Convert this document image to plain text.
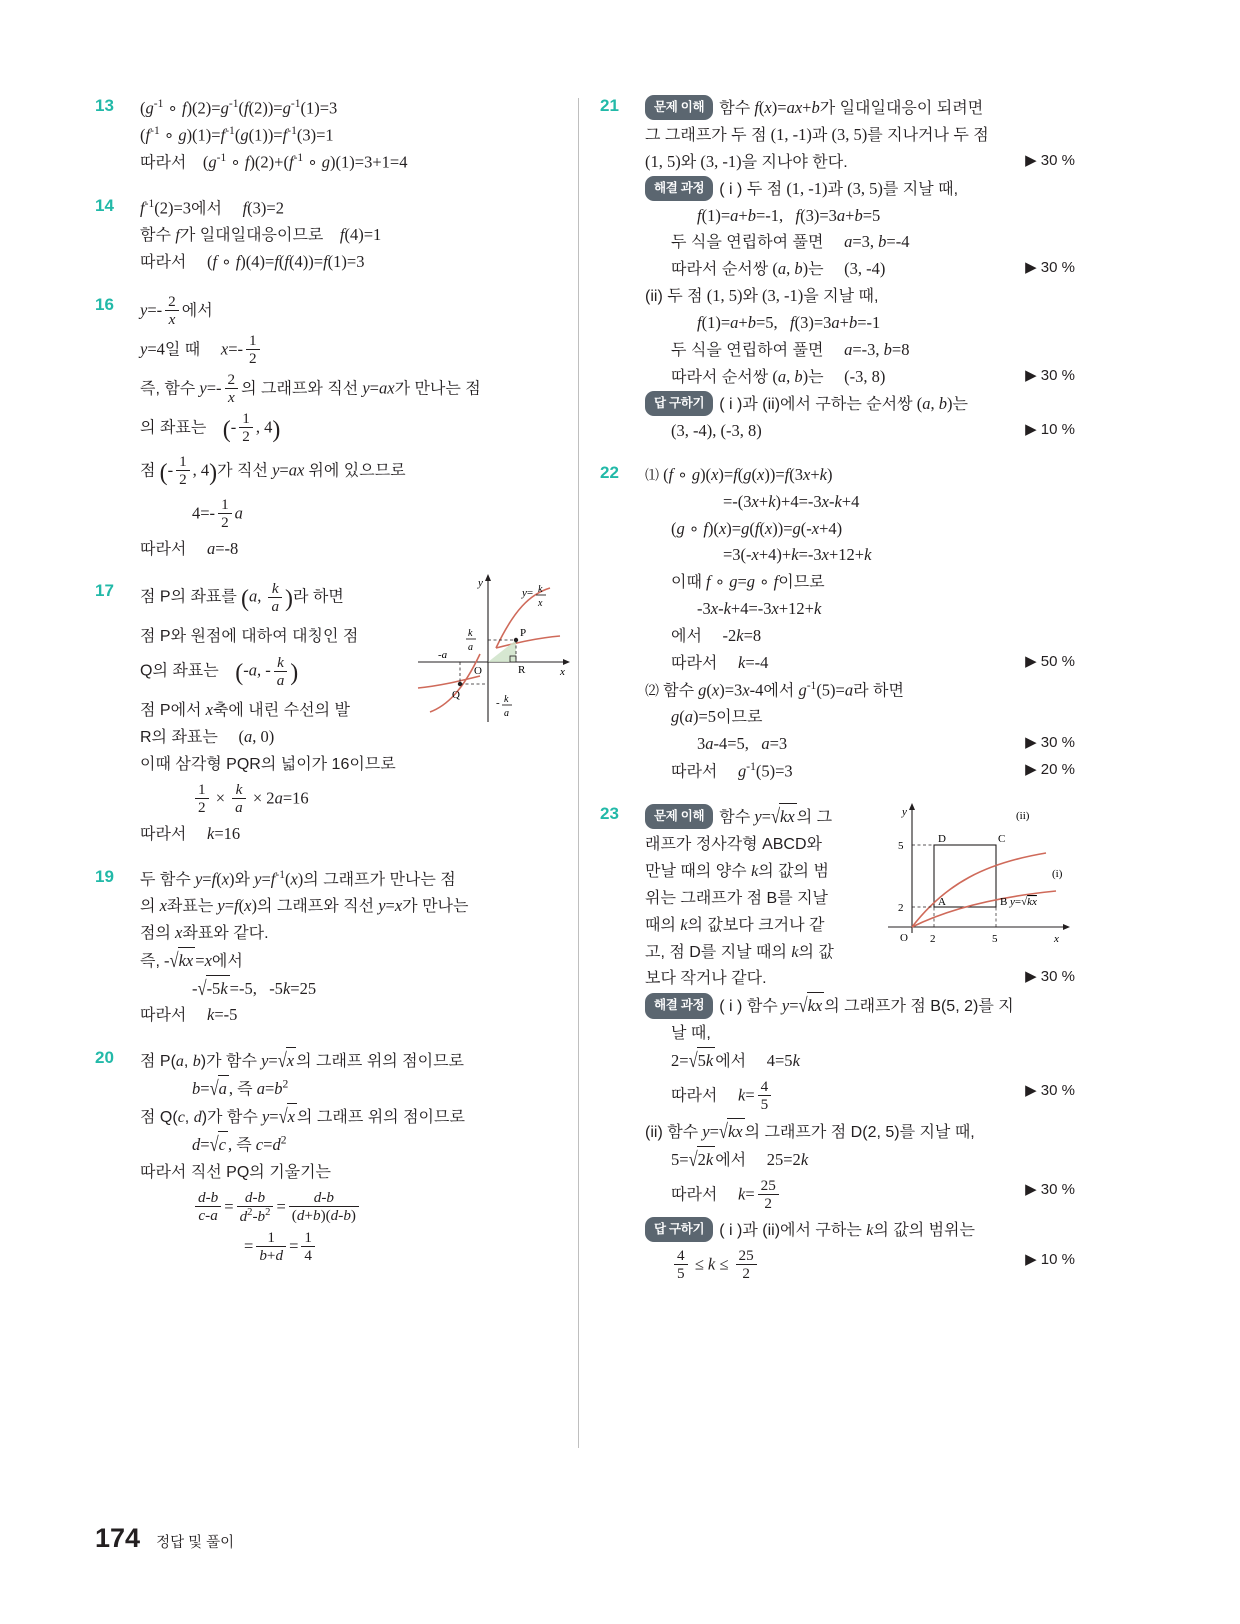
13	($g^{-1}$ ∘ $f)(2)=g^{-1}(f(2))=g^{-1}(1)=3$
($f^{-1}$ ∘ $g)(1)=f^{-1}(g(1))=f^{-1}(3)=1$
따라서    ($g^{-1}$ ∘ $f)(2)+(f^{-1}$ ∘ g)(1)=3+1=4
14	$f^{-1}(2)=3$에서 f(3)=2
함수 f가 일대일대응이므로 f(4)=1
따라서     (f ∘ f)(4)=f(f(4))=f(1)=3
16	$y=- \frac{2}{x}$ 에서
y=4일 때 $x=- \frac{1}{2}$
즉, 함수 $y=- \frac{2}{x}$ 의 그래프와 직선 y=ax가 만나는 점
의 좌표는 (- $\frac{1}{2}$ , 4)
점 (- $\frac{1}{2}$ , 4)가 직선 y=ax 위에 있으므로
$4=- \frac{1}{2}$ a
따라서 a=-8
17	y
x
O
P
Q
R
y= k
x
k
a
-a
- k
a
점 P의 좌표를 (a, $\frac{k}{a}$ )라 하면
점 P와 원점에 대하여 대칭인 점
Q의 좌표는 (-a, - $\frac{k}{a}$ )
점 P에서 x축에 내린 수선의 발
R의 좌표는     (a, 0)
이때 삼각형 PQR의 넓이가 16이므로
$\frac{1}{2} \times \frac{k}{a} \times 2a=16$
따라서 k=16
19	두 함수 y=f(x)와 $y=f^{-1}(x)$의 그래프가 만나는 점
의 x좌표는 y=f(x)의 그래프와 직선 y=x가 만나는
점의 x좌표와 같다.
즉, -√kx =x에서
-√-5k =-5,   -5k=25
따라서 k=-5
20	점 P(a, b)가 함수 y=√x 의 그래프 위의 점이므로
b=√a , 즉 $a=b^2$
점 Q(c, d)가 함수 y=√x 의 그래프 위의 점이므로
d=√c , 즉 $c=d^2$
따라서 직선 PQ의 기울기는
$\frac{d-b}{c-a} = \frac{d-b}{d^2-b^2} = \frac{d-b}{(d+b)(d-b)}$
= $\frac{1}{b+d} = \frac{1}{4}$
21	문제 이해 함수 f(x)=ax+b가 일대일대응이 되려면
그 그래프가 두 점 (1, -1)과 (3, 5)를 지나거나 두 점
(1, 5)와 (3, -1)을 지나야 한다.	▶ 30 %
해결 과정 ( i ) 두 점 (1, -1)과 (3, 5)를 지날 때,
f(1)=a+b=-1,   f(3)=3a+b=5
두 식을 연립하여 풀면 a=3, b=-4
따라서 순서쌍 (a, b)는     (3, -4)	▶ 30 %
(ii) 두 점 (1, 5)와 (3, -1)을 지날 때,
f(1)=a+b=5,   f(3)=3a+b=-1
두 식을 연립하여 풀면 a=-3, b=8
따라서 순서쌍 (a, b)는     (-3, 8)	▶ 30 %
답 구하기 ( i )과 (ii)에서 구하는 순서쌍 (a, b)는
(3, -4), (-3, 8)	▶ 10 %
22	⑴ (f ∘ g)(x)=f(g(x))=f(3x+k)
=-(3x+k)+4=-3x-k+4
(g ∘ f)(x)=g(f(x))=g(-x+4)
=3(-x+4)+k=-3x+12+k
이때 f ∘ g=g ∘ f이므로
-3x-k+4=-3x+12+k
에서     -2k=8
따라서 k=-4	▶ 50 %
⑵ 함수 g(x)=3x-4에서 $g^{-1}(5)=a$라 하면
g(a)=5이므로
3a-4=5,   a=3	▶ 30 %
따라서 $g^{-1}(5)=3$	▶ 20 %
23	y
x
O
5
2
2	5
D	C
A	B
(ii)
(i)
y=√kx
문제 이해 함수 y=√kx 의 그
래프가 정사각형 ABCD와
만날 때의 양수 k의 값의 범
위는 그래프가 점 B를 지날
때의 k의 값보다 크거나 같
고, 점 D를 지날 때의 k의 값
보다 작거나 같다.	▶ 30 %
해결 과정 ( i ) 함수 y=√kx 의 그래프가 점 B(5, 2)를 지
날 때,
2=√5k 에서     4=5k
따라서 $k= \frac{4}{5}$	▶ 30 %
(ii) 함수 y=√kx 의 그래프가 점 D(2, 5)를 지날 때,
5=√2k 에서     25=2k
따라서 $k= \frac{25}{2}$	▶ 30 %
답 구하기 ( i )과 (ii)에서 구하는 k의 값의 범위는
$\frac{4}{5} \le k \le \frac{25}{2}$	▶ 10 %
174 정답 및 풀이
